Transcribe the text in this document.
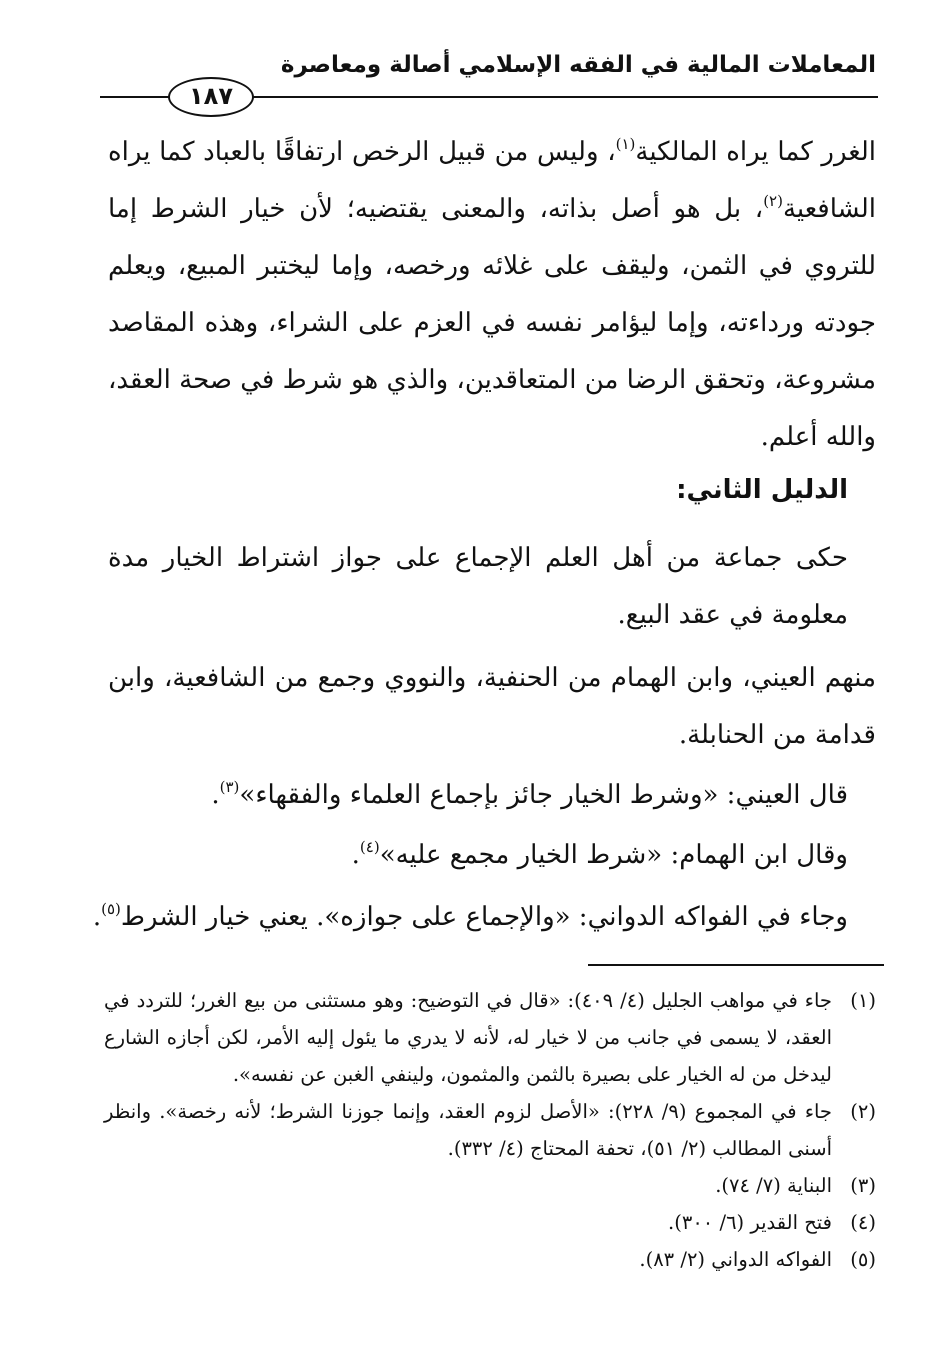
المعاملات المالية في الفقه الإسلامي أصالة ومعاصرة
١٨٧
الغرر كما يراه المالكية$^{(١)}$، وليس من قبيل الرخص ارتفاقًا بالعباد كما يراه الشافعية$^{(٢)}$، بل هو أصل بذاته، والمعنى يقتضيه؛ لأن خيار الشرط إما للتروي في الثمن، وليقف على غلائه ورخصه، وإما ليختبر المبيع، ويعلم جودته ورداءته، وإما ليؤامر نفسه في العزم على الشراء، وهذه المقاصد مشروعة، وتحقق الرضا من المتعاقدين، والذي هو شرط في صحة العقد، والله أعلم.
الدليل الثاني:
حكى جماعة من أهل العلم الإجماع على جواز اشتراط الخيار مدة معلومة في عقد البيع.
منهم العيني، وابن الهمام من الحنفية، والنووي وجمع من الشافعية، وابن قدامة من الحنابلة.
قال العيني: «وشرط الخيار جائز بإجماع العلماء والفقهاء»$^{(٣)}$.
وقال ابن الهمام: «شرط الخيار مجمع عليه»$^{(٤)}$.
وجاء في الفواكه الدواني: «والإجماع على جوازه». يعني خيار الشرط$^{(٥)}$.
(١)
جاء في مواهب الجليل (٤/ ٤٠٩): «قال في التوضيح: وهو مستثنى من بيع الغرر؛ للتردد في العقد، لا يسمى في جانب من لا خيار له، لأنه لا يدري ما يئول إليه الأمر، لكن أجازه الشارع ليدخل من له الخيار على بصيرة بالثمن والمثمون، ولينفي الغبن عن نفسه».
(٢)
جاء في المجموع (٩/ ٢٢٨): «الأصل لزوم العقد، وإنما جوزنا الشرط؛ لأنه رخصة». وانظر أسنى المطالب (٢/ ٥١)، تحفة المحتاج (٤/ ٣٣٢).
(٣)
البناية (٧/ ٧٤).
(٤)
فتح القدير (٦/ ٣٠٠).
(٥)
الفواكه الدواني (٢/ ٨٣).
